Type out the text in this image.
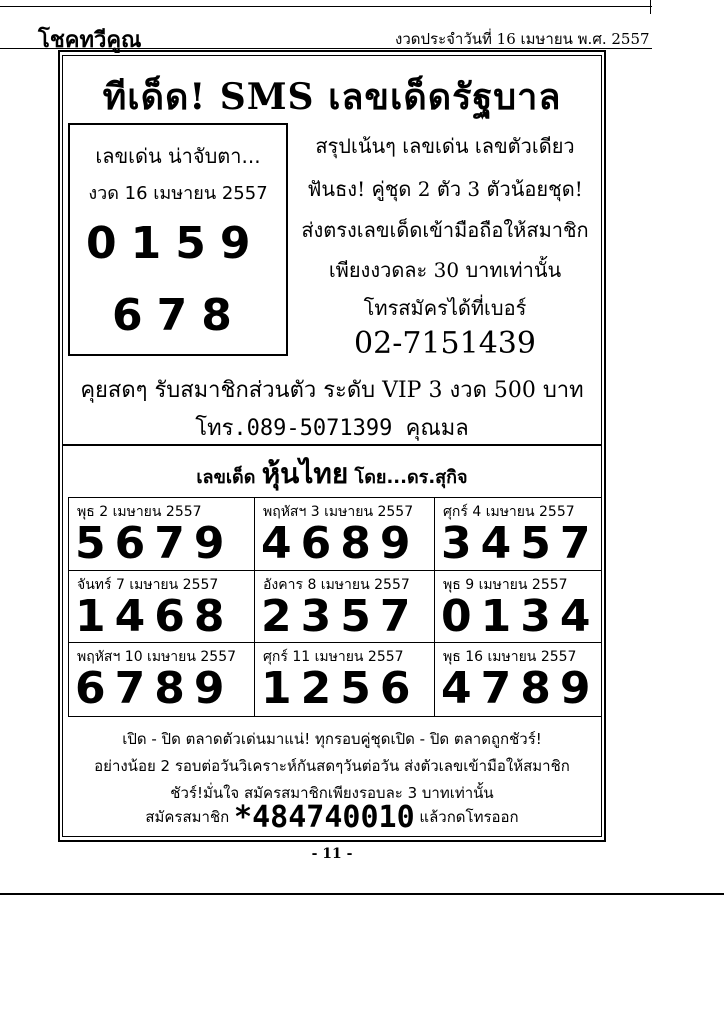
โชคทวีคูณ	งวดประจำวันที่ 16 เมษายน พ.ศ. 2557
ทีเด็ด! SMS เลขเด็ดรัฐบาล
เลขเด่น น่าจับตา...
งวด 16 เมษายน 2557
0159
678
สรุปเน้นๆ เลขเด่น เลขตัวเดียว
ฟันธง! คู่ชุด 2 ตัว 3 ตัวน้อยชุด!
ส่งตรงเลขเด็ดเข้ามือถือให้สมาชิก
เพียงงวดละ 30 บาทเท่านั้น
โทรสมัครได้ที่เบอร์
02-7151439
คุยสดๆ รับสมาชิกส่วนตัว ระดับ VIP 3 งวด 500 บาท
โทร.089-5071399 คุณมล
เลขเด็ด หุ้นไทย โดย...ดร.สุกิจ
พุธ 2 เมษายน 2557
5679
พฤหัสฯ 3 เมษายน 2557
4689
ศุกร์ 4 เมษายน 2557
3457
จันทร์ 7 เมษายน 2557
1468
อังคาร 8 เมษายน 2557
2357
พุธ 9 เมษายน 2557
0134
พฤหัสฯ 10 เมษายน 2557
6789
ศุกร์ 11 เมษายน 2557
1256
พุธ 16 เมษายน 2557
4789
เปิด - ปิด ตลาดตัวเด่นมาแน่! ทุกรอบคู่ชุดเปิด - ปิด ตลาดถูกชัวร์!
อย่างน้อย 2 รอบต่อวันวิเคราะห์กันสดๆวันต่อวัน ส่งตัวเลขเข้ามือให้สมาชิก
ชัวร์!มั่นใจ สมัครสมาชิกเพียงรอบละ 3 บาทเท่านั้น
สมัครสมาชิก *484740010 แล้วกดโทรออก
- 11 -
